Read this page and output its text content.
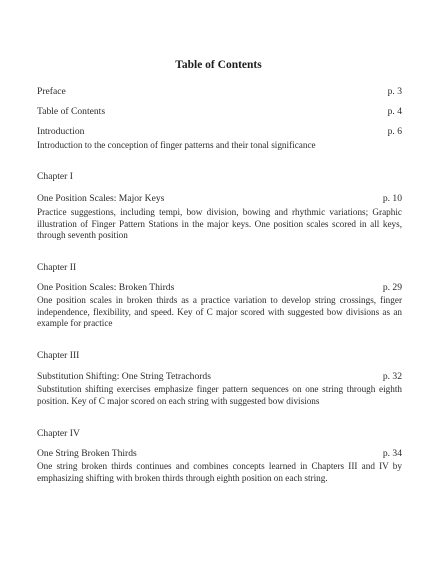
Table of Contents
Preface	p. 3
Table of Contents	p. 4
Introduction	p. 6
Introduction to the conception of finger patterns and their tonal significance
Chapter I
One Position Scales: Major Keys	p. 10
Practice suggestions, including tempi, bow division, bowing and rhythmic variations; Graphic illustration of Finger Pattern Stations in the major keys. One position scales scored in all keys, through seventh position
Chapter II
One Position Scales: Broken Thirds	p. 29
One position scales in broken thirds as a practice variation to develop string crossings, finger independence, flexibility, and speed. Key of C major scored with suggested bow divisions as an example for practice
Chapter III
Substitution Shifting: One String Tetrachords	p. 32
Substitution shifting exercises emphasize finger pattern sequences on one string through eighth position. Key of C major scored on each string with suggested bow divisions
Chapter IV
One String Broken Thirds	p. 34
One string broken thirds continues and combines concepts learned in Chapters III and IV by emphasizing shifting with broken thirds through eighth position on each string.
